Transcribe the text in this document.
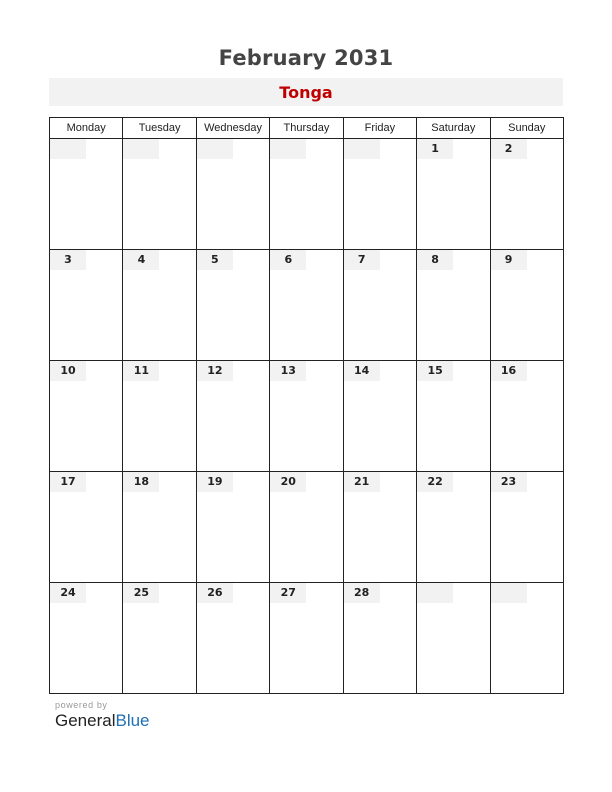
February 2031
Tonga
Monday	Tuesday	Wednesday	Thursday	Friday	Saturday	Sunday

					1	2

3	4	5	6	7	8	9

10	11	12	13	14	15	16

17	18	19	20	21	22	23

24	25	26	27	28		

powered by
GeneralBlue
